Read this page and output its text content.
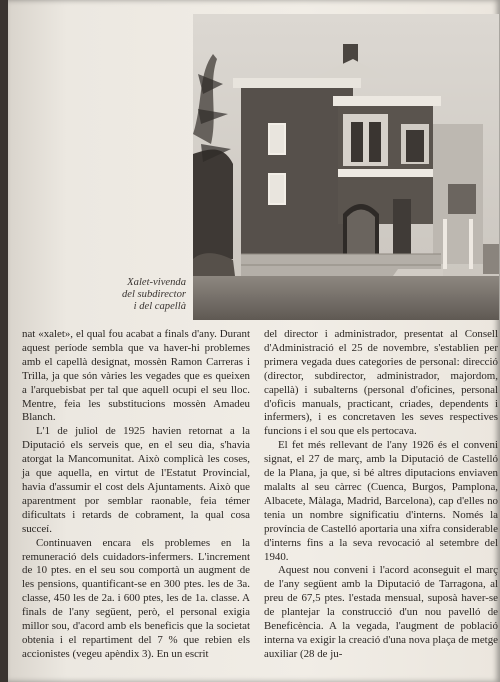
Xalet-vivenda
del subdirector
i del capellà

nat «xalet», el qual fou acabat a finals d'any. Durant aquest període sembla que va haver-hi problemes amb el capellà designat, mossèn Ramon Carreras i Trilla, ja que són vàries les vegades que es queixen a l'arquebisbat per tal que aquell ocupi el seu lloc. Mentre, feia les substitucions mossèn Amadeu Blanch.

L'1 de juliol de 1925 havien retornat a la Diputació els serveis que, en el seu dia, s'havia atorgat la Mancomunitat. Això complicà les coses, ja que aquella, en virtut de l'Estatut Provincial, havia d'assumir el cost dels Ajuntaments. Això que aparentment por semblar raonable, feia témer dificultats i retards de cobrament, la qual cosa succeí.

Continuaven encara els problemes en la remuneració dels cuidadors-infermers. L'increment de 10 ptes. en el seu sou comportà un augment de les pensions, quantificant-se en 300 ptes. les de 3a. classe, 450 les de 2a. i 600 ptes, les de 1a. classe. A finals de l'any següent, però, el personal exigia millor sou, d'acord amb els beneficis que la societat obtenia i el repartiment del 7 % que rebien els accionistes (vegeu apèndix 3). En un escrit

del director i administrador, presentat al Consell d'Administració el 25 de novembre, s'establien per primera vegada dues categories de personal: direcció (director, subdirector, administrador, majordom, capellà) i subalterns (personal d'oficines, personal d'oficis manuals, practicant, criades, dependents i infermers), i es concretaven les seves respectives funcions i el sou que els pertocava.

El fet més rellevant de l'any 1926 és el conveni signat, el 27 de març, amb la Diputació de Castelló de la Plana, ja que, si bé altres diputacions enviaven malalts al seu càrrec (Cuenca, Burgos, Pamplona, Albacete, Màlaga, Madrid, Barcelona), cap d'elles no tenia un nombre significatiu d'interns. Només la província de Castelló aportaria una xifra considerable d'interns fins a la seva revocació al setembre del 1940.

Aquest nou conveni i l'acord aconseguit el març de l'any següent amb la Diputació de Tarragona, al preu de 67,5 ptes. l'estada mensual, suposà haver-se de plantejar la construcció d'un nou pavelló de Beneficència. A la vegada, l'augment de població interna va exigir la creació d'una nova plaça de metge auxiliar (28 de ju-
